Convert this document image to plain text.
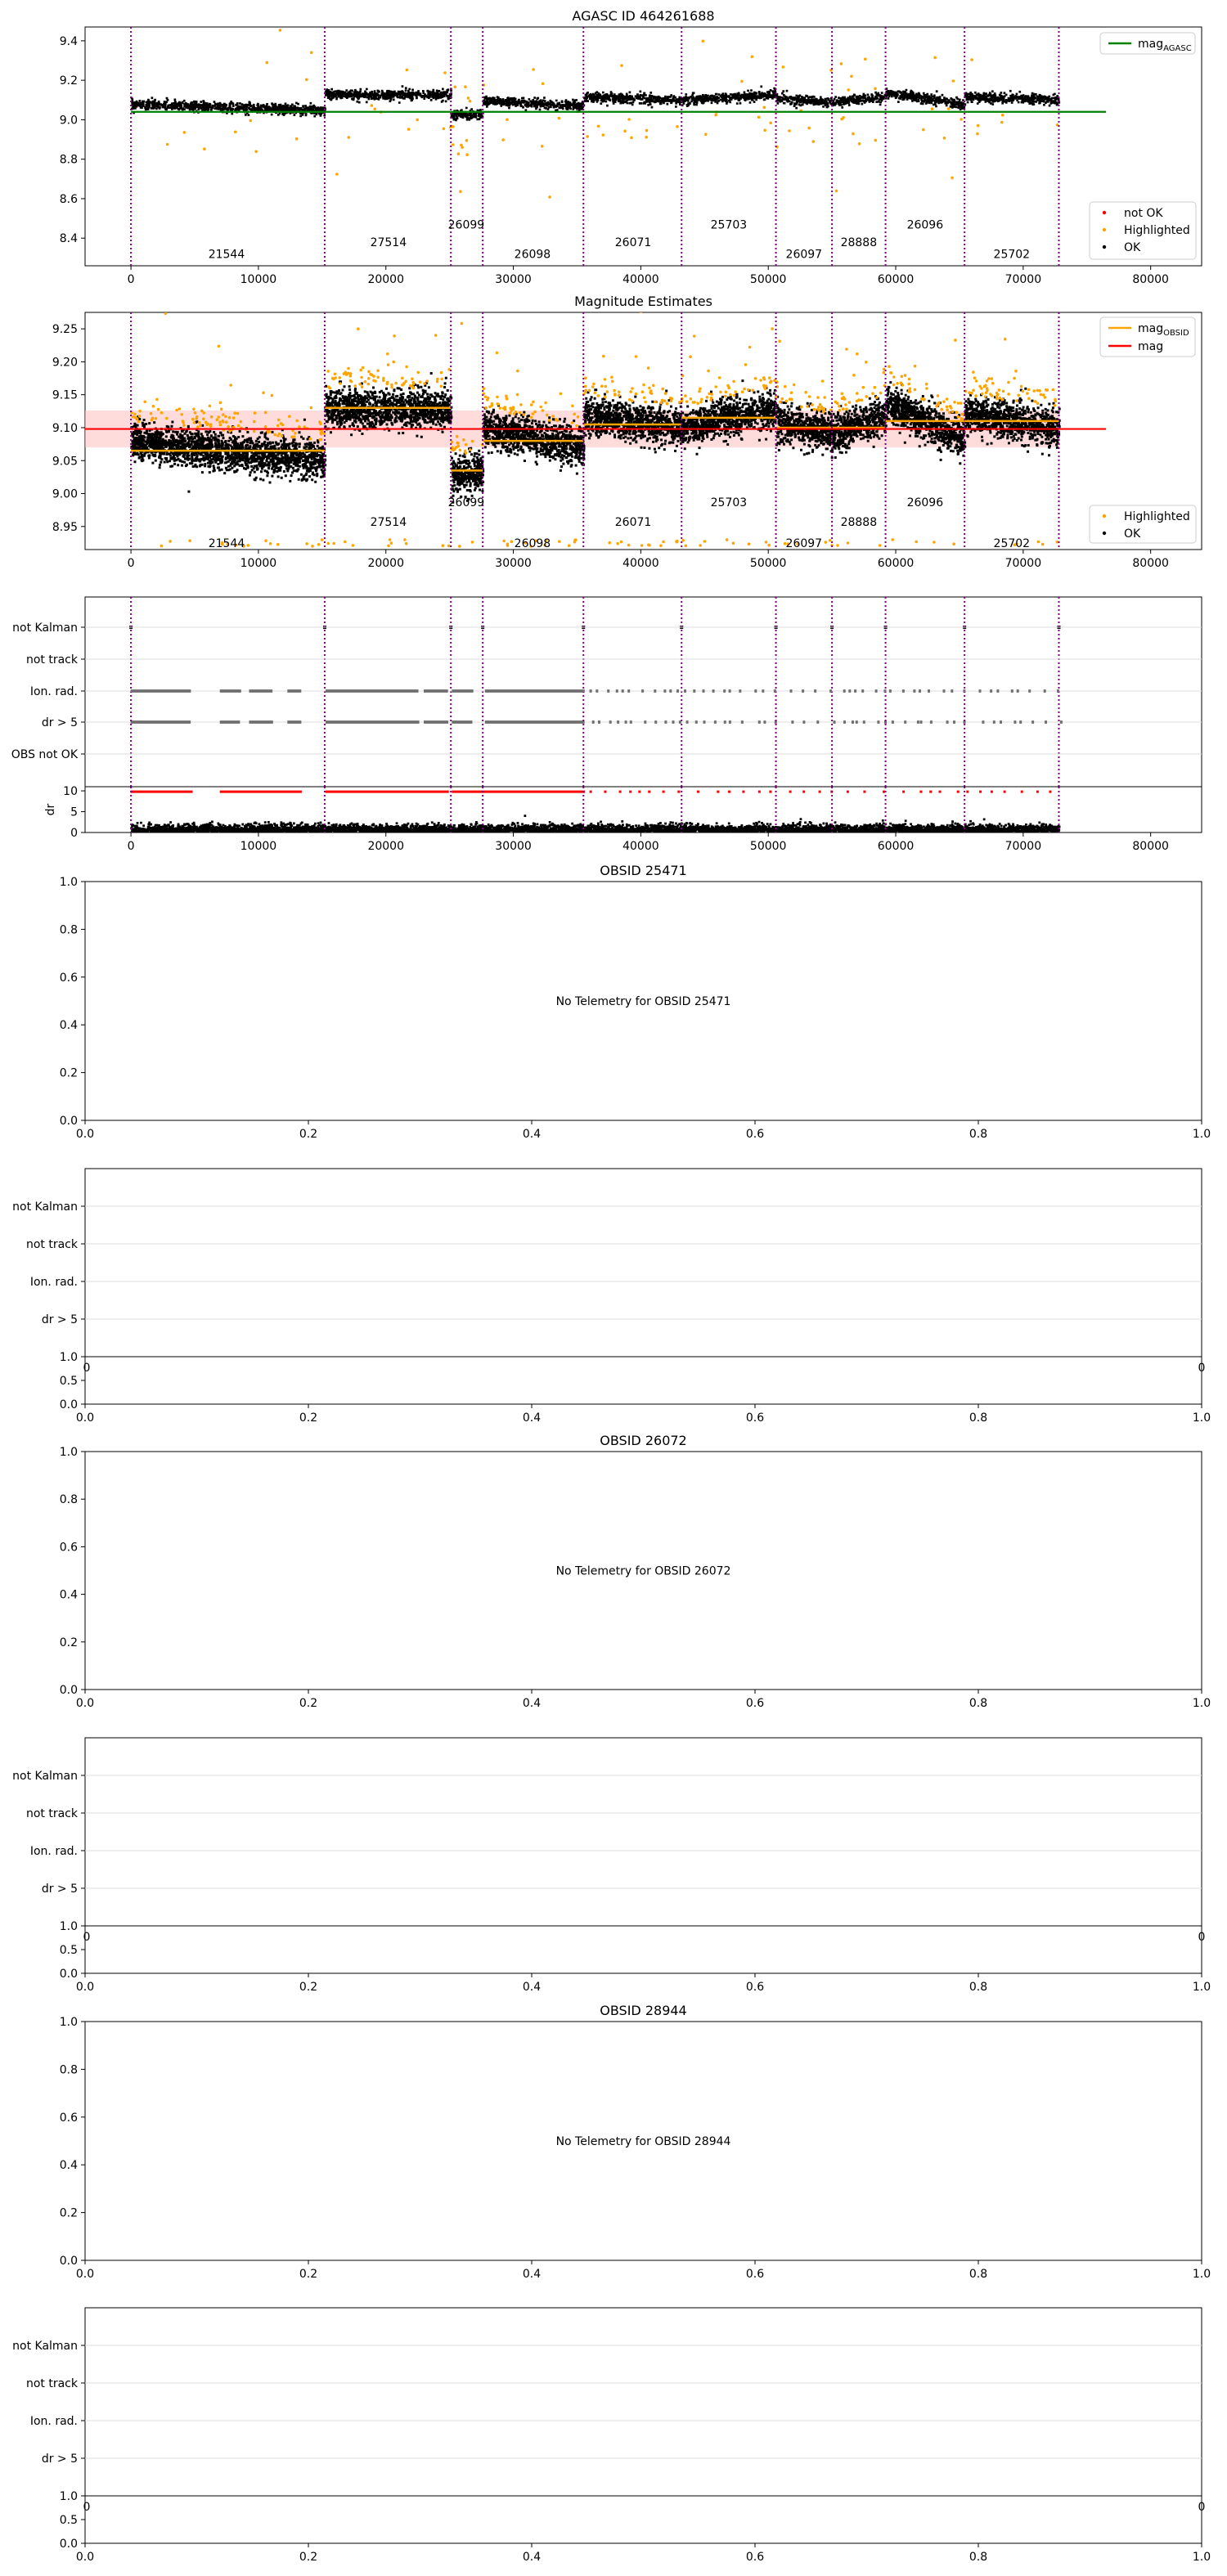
AGASC ID 464261688
21544
27514
26099
26098
26071
25703
26097
28888
26096
25702
0	10000	20000	30000	40000	50000	60000	70000	80000
8.4
8.6
8.8
9.0
9.2
9.4	mag$_{AGASC}$
not OK
Highlighted
OK
Magnitude Estimates
21544
27514
26099
26098
26071
25703
26097
28888
26096
25702
0	10000	20000	30000	40000	50000	60000	70000	80000
8.95
9.00
9.05
9.10
9.15
9.20
9.25	mag$_{OBSID}$
mag
Highlighted
OK
not Kalman
not track
Ion. rad.
dr > 5
OBS not OK
0
5
10
dr
0	10000	20000	30000	40000	50000	60000	70000	80000
OBSID 25471
No Telemetry for OBSID 25471
0.0
0.0
0.2
0.2
0.4
0.4
0.6
0.6
0.8
0.8
1.0
1.0
not Kalman
not track
Ion. rad.
dr > 5
0	0
1.0
0.5
0.0
0.0	0.2	0.4	0.6	0.8	1.0
OBSID 26072
No Telemetry for OBSID 26072
0.0
0.0
0.2
0.2
0.4
0.4
0.6
0.6
0.8
0.8
1.0
1.0
not Kalman
not track
Ion. rad.
dr > 5
0	0
1.0
0.5
0.0
0.0	0.2	0.4	0.6	0.8	1.0
OBSID 28944
No Telemetry for OBSID 28944
0.0
0.0
0.2
0.2
0.4
0.4
0.6
0.6
0.8
0.8
1.0
1.0
not Kalman
not track
Ion. rad.
dr > 5
0	0
1.0
0.5
0.0
0.0	0.2	0.4	0.6	0.8	1.0
